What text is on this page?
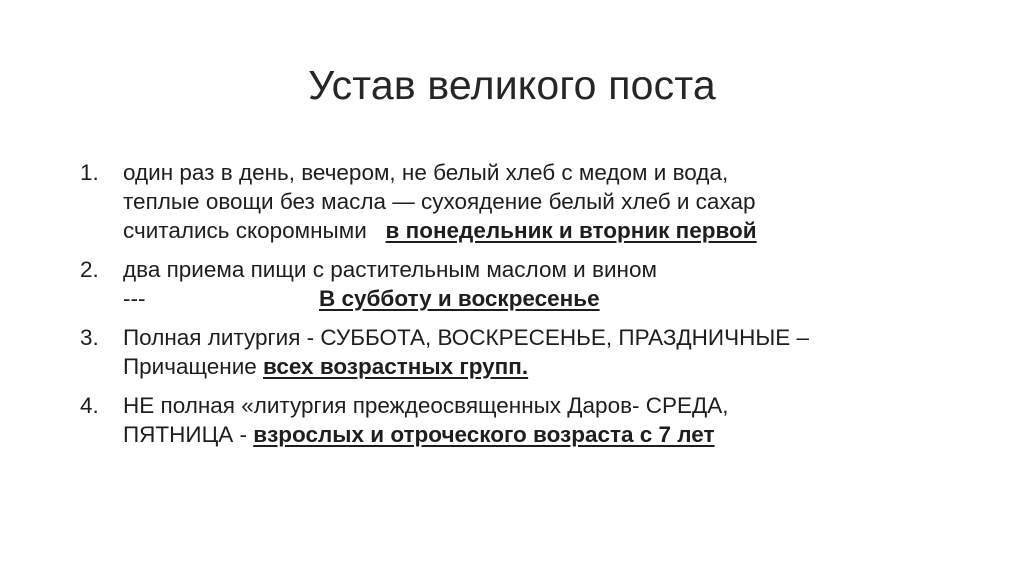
Устав великого поста
1. один раз в день, вечером, не белый хлеб с медом и вода,
теплые овощи без масла — сухоядение белый хлеб и сахар
считались скоромными в понедельник и вторник первой
2. два приема пищи с растительным маслом и вином
---	В субботу и воскресенье
3. Полная литургия - СУББОТА, ВОСКРЕСЕНЬЕ, ПРАЗДНИЧНЫЕ –
Причащение всех возрастных групп.
4. НЕ полная «литургия преждеосвященных Даров- СРЕДА,
ПЯТНИЦА - взрослых и отроческого возраста с 7 лет
